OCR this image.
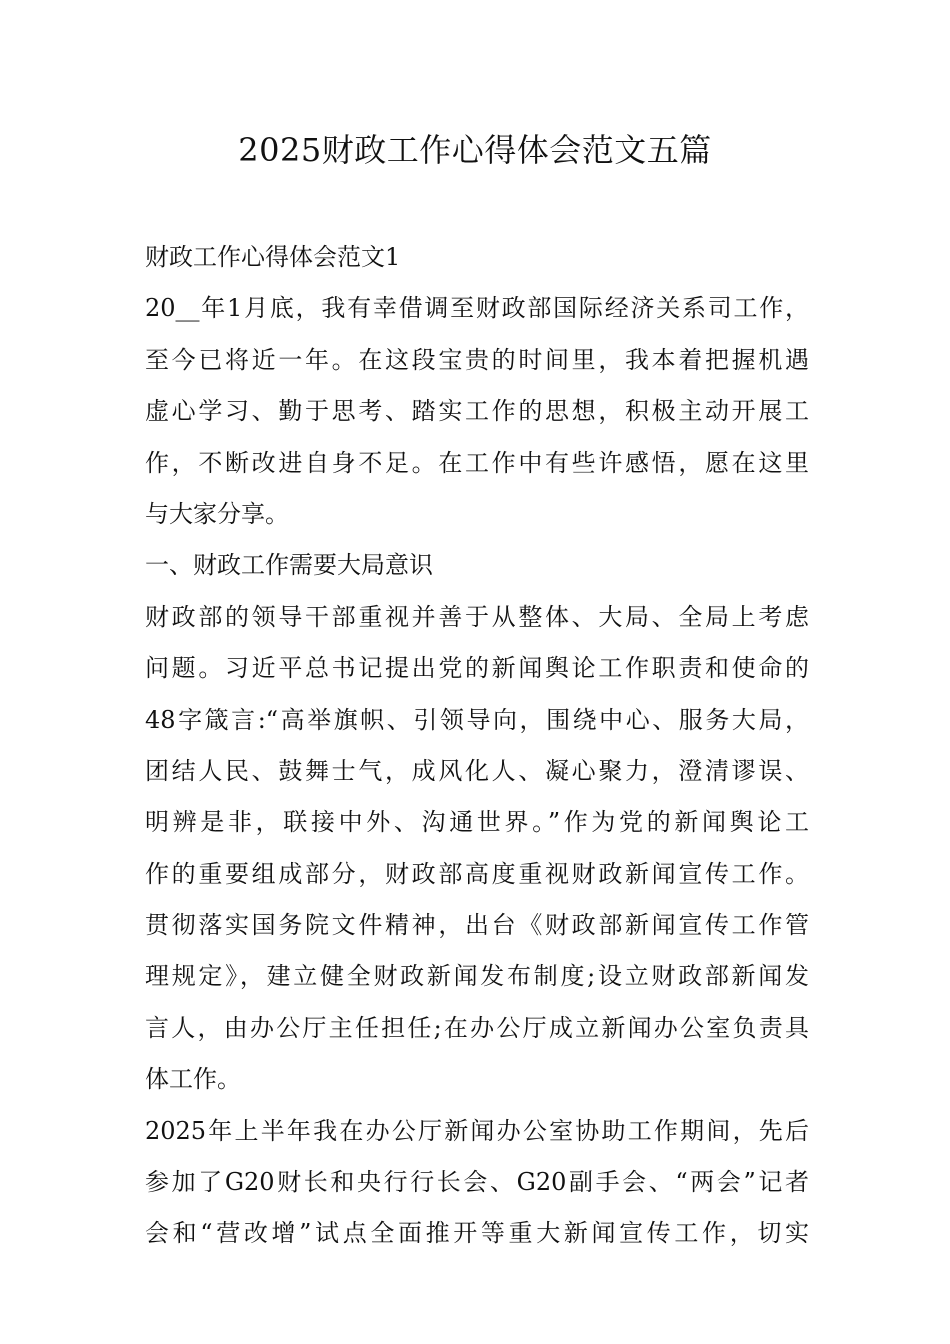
2025财政工作心得体会范文五篇
财政工作心得体会范文1
20__年1月底，我有幸借调至财政部国际经济关系司工作，
至今已将近一年。在这段宝贵的时间里，我本着把握机遇
虚心学习、勤于思考、踏实工作的思想，积极主动开展工
作，不断改进自身不足。在工作中有些许感悟，愿在这里
与大家分享。
一、财政工作需要大局意识
财政部的领导干部重视并善于从整体、大局、全局上考虑
问题。习近平总书记提出党的新闻舆论工作职责和使命的
48字箴言:“高举旗帜、引领导向，围绕中心、服务大局，
团结人民、鼓舞士气，成风化人、凝心聚力，澄清谬误、
明辨是非，联接中外、沟通世界。”作为党的新闻舆论工
作的重要组成部分，财政部高度重视财政新闻宣传工作。
贯彻落实国务院文件精神，出台《财政部新闻宣传工作管
理规定》，建立健全财政新闻发布制度;设立财政部新闻发
言人，由办公厅主任担任;在办公厅成立新闻办公室负责具
体工作。
2025年上半年我在办公厅新闻办公室协助工作期间，先后
参加了G20财长和央行行长会、G20副手会、“两会”记者
会和“营改增”试点全面推开等重大新闻宣传工作，切实
